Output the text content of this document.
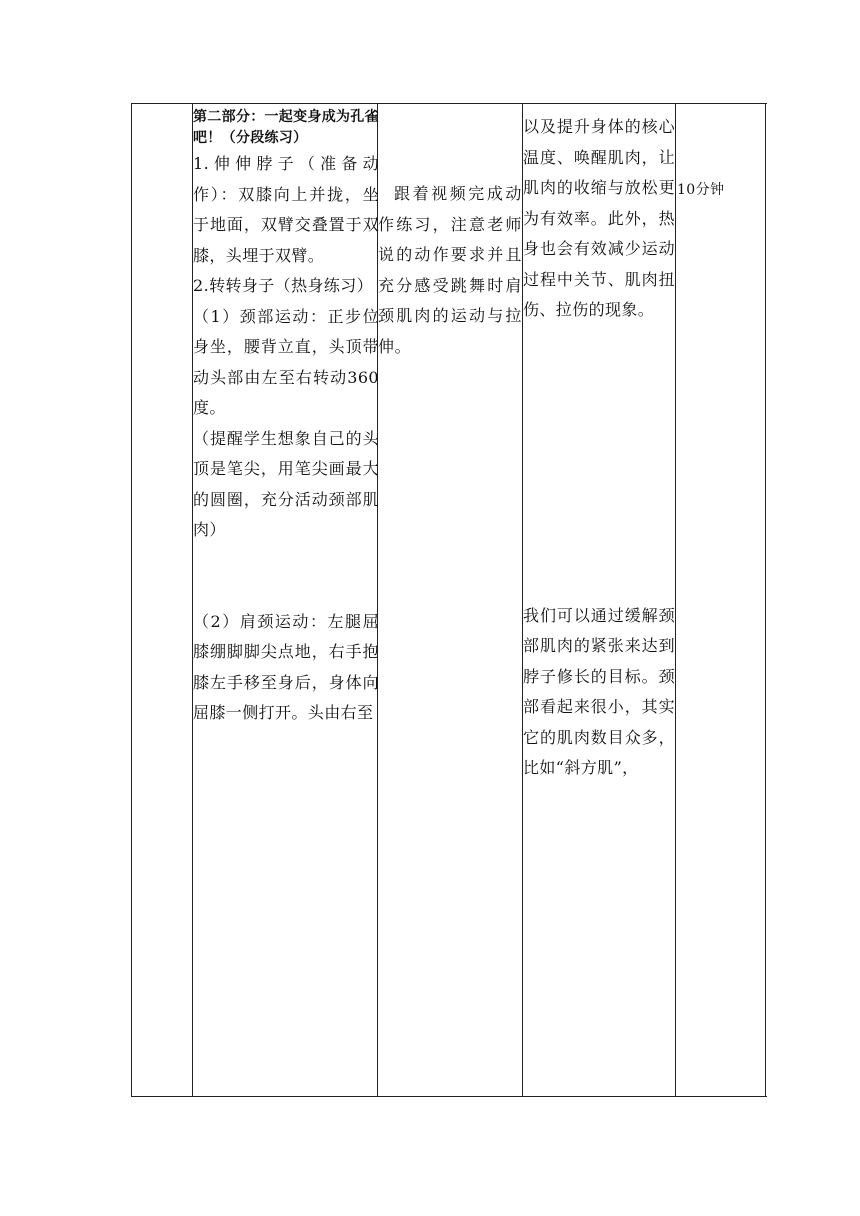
第二部分：一起变身成为孔雀吧！（分段练习）

1.伸伸脖子（准备动作）：双膝向上并拢，坐于地面，双臂交叠置于双膝，头埋于双臂。

2.转转身子（热身练习）

（1）颈部运动：正步位身坐，腰背立直，头顶带动头部由左至右转动360度。

（提醒学生想象自己的头顶是笔尖，用笔尖画最大的圆圈，充分活动颈部肌肉）

（2）肩颈运动：左腿屈膝绷脚脚尖点地，右手抱膝左手移至身后，身体向屈膝一侧打开。头由右至

跟着视频完成动作练习，注意老师说的动作要求并且充分感受跳舞时肩颈肌肉的运动与拉伸。

以及提升身体的核心温度、唤醒肌肉，让肌肉的收缩与放松更为有效率。此外，热身也会有效减少运动过程中关节、肌肉扭伤、拉伤的现象。

我们可以通过缓解颈部肌肉的紧张来达到脖子修长的目标。颈部看起来很小，其实它的肌肉数目众多，比如“斜方肌”，

10分钟
